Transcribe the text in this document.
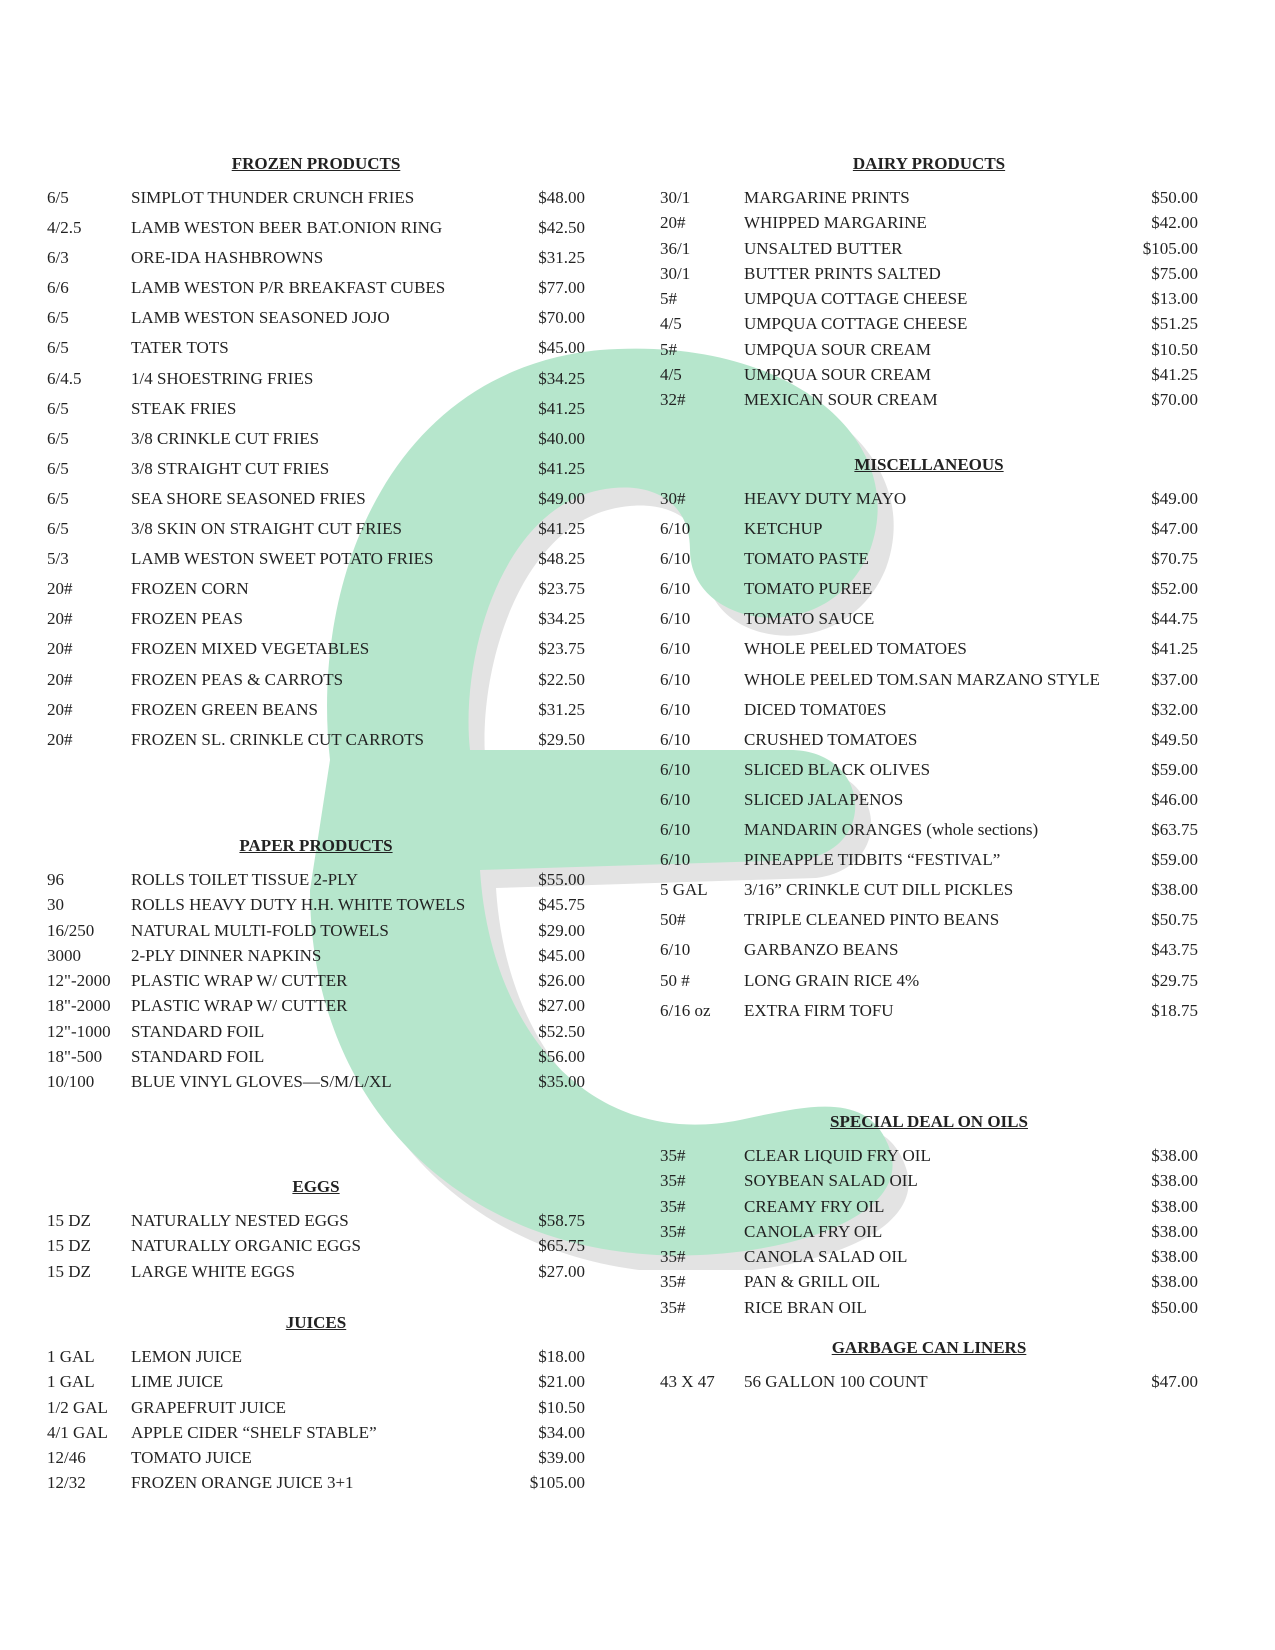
FROZEN PRODUCTS
6/5	SIMPLOT THUNDER CRUNCH FRIES	$48.00
4/2.5	LAMB WESTON BEER BAT.ONION RING	$42.50
6/3	ORE-IDA HASHBROWNS	$31.25
6/6	LAMB WESTON P/R BREAKFAST CUBES	$77.00
6/5	LAMB WESTON SEASONED JOJO	$70.00
6/5	TATER TOTS	$45.00
6/4.5	1/4 SHOESTRING FRIES	$34.25
6/5	STEAK FRIES	$41.25
6/5	3/8 CRINKLE CUT FRIES	$40.00
6/5	3/8 STRAIGHT CUT FRIES	$41.25
6/5	SEA SHORE SEASONED FRIES	$49.00
6/5	3/8 SKIN ON STRAIGHT CUT FRIES	$41.25
5/3	LAMB WESTON SWEET POTATO FRIES	$48.25
20#	FROZEN CORN	$23.75
20#	FROZEN PEAS	$34.25
20#	FROZEN MIXED VEGETABLES	$23.75
20#	FROZEN PEAS & CARROTS	$22.50
20#	FROZEN GREEN BEANS	$31.25
20#	FROZEN SL. CRINKLE CUT CARROTS	$29.50
PAPER PRODUCTS
96	ROLLS TOILET TISSUE 2-PLY	$55.00
30	ROLLS HEAVY DUTY H.H. WHITE TOWELS	$45.75
16/250	NATURAL MULTI-FOLD TOWELS	$29.00
3000	2-PLY DINNER NAPKINS	$45.00
12"-2000	PLASTIC WRAP W/ CUTTER	$26.00
18"-2000	PLASTIC WRAP W/ CUTTER	$27.00
12"-1000	STANDARD FOIL	$52.50
18"-500	STANDARD FOIL	$56.00
10/100	BLUE VINYL GLOVES—S/M/L/XL	$35.00
EGGS
15 DZ	NATURALLY NESTED EGGS	$58.75
15 DZ	NATURALLY ORGANIC EGGS	$65.75
15 DZ	LARGE WHITE EGGS	$27.00
JUICES
1 GAL	LEMON JUICE	$18.00
1 GAL	LIME JUICE	$21.00
1/2 GAL	GRAPEFRUIT JUICE	$10.50
4/1 GAL	APPLE CIDER “SHELF STABLE”	$34.00
12/46	TOMATO JUICE	$39.00
12/32	FROZEN ORANGE JUICE 3+1	$105.00
DAIRY PRODUCTS
30/1	MARGARINE PRINTS	$50.00
20#	WHIPPED MARGARINE	$42.00
36/1	UNSALTED BUTTER	$105.00
30/1	BUTTER PRINTS SALTED	$75.00
5#	UMPQUA COTTAGE CHEESE	$13.00
4/5	UMPQUA COTTAGE CHEESE	$51.25
5#	UMPQUA SOUR CREAM	$10.50
4/5	UMPQUA SOUR CREAM	$41.25
32#	MEXICAN SOUR CREAM	$70.00
MISCELLANEOUS
30#	HEAVY DUTY MAYO	$49.00
6/10	KETCHUP	$47.00
6/10	TOMATO PASTE	$70.75
6/10	TOMATO PUREE	$52.00
6/10	TOMATO SAUCE	$44.75
6/10	WHOLE PEELED TOMATOES	$41.25
6/10	WHOLE PEELED TOM.SAN MARZANO STYLE	$37.00
6/10	DICED TOMAT0ES	$32.00
6/10	CRUSHED TOMATOES	$49.50
6/10	SLICED BLACK OLIVES	$59.00
6/10	SLICED JALAPENOS	$46.00
6/10	MANDARIN ORANGES (whole sections)	$63.75
6/10	PINEAPPLE TIDBITS “FESTIVAL”	$59.00
5 GAL	3/16” CRINKLE CUT DILL PICKLES	$38.00
50#	TRIPLE CLEANED PINTO BEANS	$50.75
6/10	GARBANZO BEANS	$43.75
50 #	LONG GRAIN RICE 4%	$29.75
6/16 oz	EXTRA FIRM TOFU	$18.75
SPECIAL DEAL ON OILS
35#	CLEAR LIQUID FRY OIL	$38.00
35#	SOYBEAN SALAD OIL	$38.00
35#	CREAMY FRY OIL	$38.00
35#	CANOLA FRY OIL	$38.00
35#	CANOLA SALAD OIL	$38.00
35#	PAN & GRILL OIL	$38.00
35#	RICE BRAN OIL	$50.00
GARBAGE CAN LINERS
43 X 47	56 GALLON 100 COUNT	$47.00
